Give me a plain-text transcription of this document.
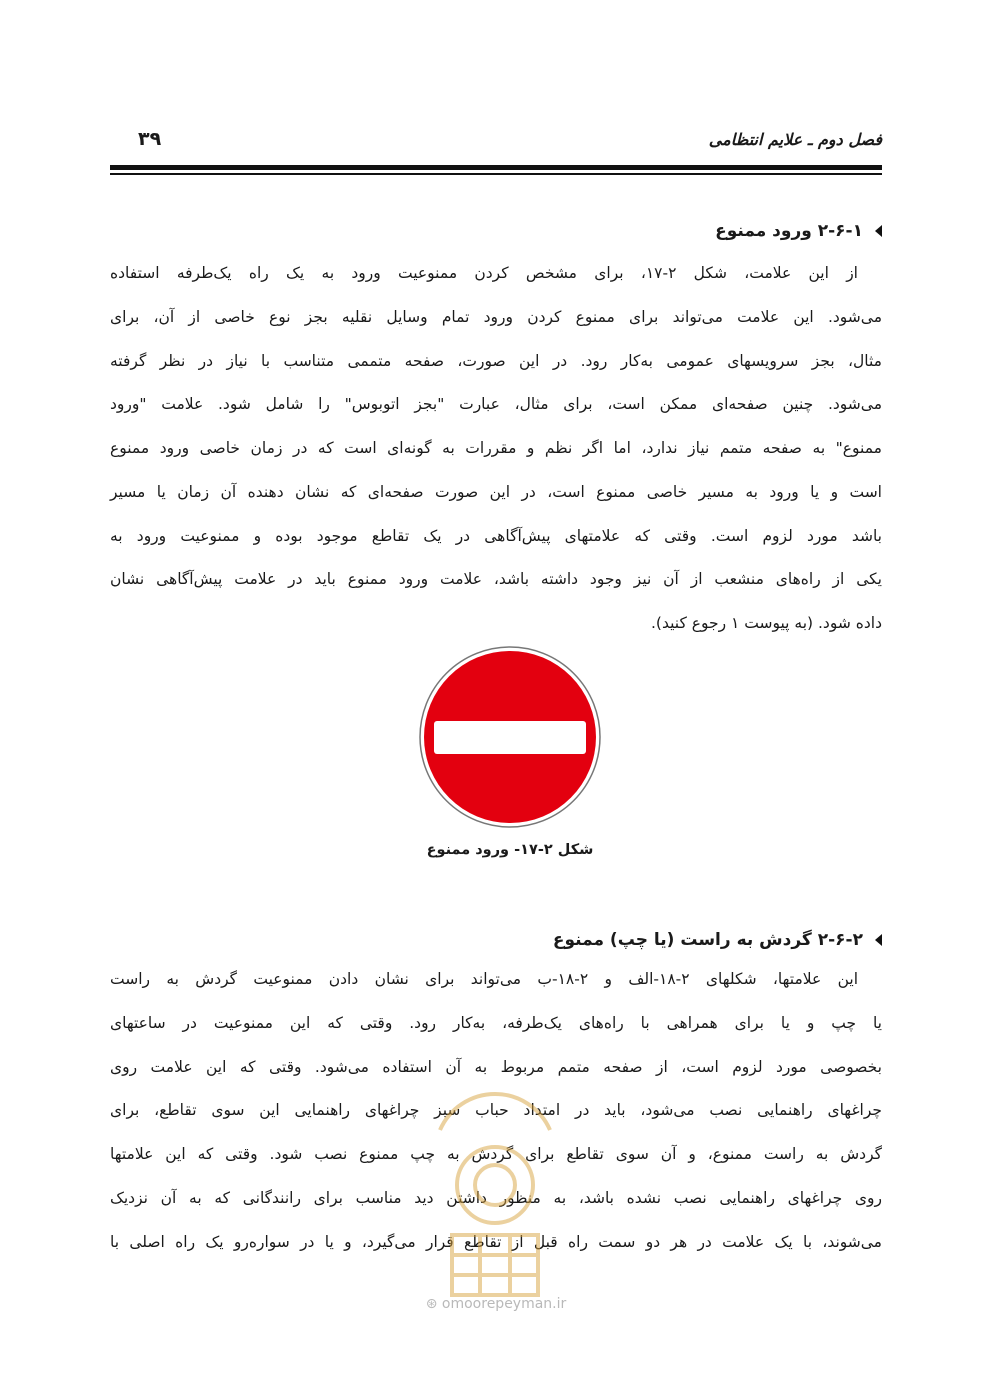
فصل دوم ـ علایم انتظامی
۳۹
۲-۶-۱ ورود ممنوع
از این علامت، شکل ۲-۱۷، برای مشخص کردن ممنوعیت ورود به یک راه یک‌طرفه استفاده
می‌شود. این علامت می‌تواند برای ممنوع کردن ورود تمام وسایل نقلیه بجز نوع خاصی از آن، برای
مثال، بجز سرویسهای عمومی به‌کار رود. در این صورت، صفحه متممی متناسب با نیاز در نظر گرفته
می‌شود. چنین صفحه‌ای ممکن است، برای مثال، عبارت "بجز اتوبوس" را شامل شود. علامت "ورود
ممنوع" به صفحه متمم نیاز ندارد، اما اگر نظم و مقررات به گونه‌ای است که در زمان خاصی ورود ممنوع
است و یا ورود به مسیر خاصی ممنوع است، در این صورت صفحه‌ای که نشان دهنده آن زمان یا مسیر
باشد مورد لزوم است. وقتی که علامتهای پیش‌آگاهی در یک تقاطع موجود بوده و ممنوعیت ورود به
یکی از راه‌های منشعب از آن نیز وجود داشته باشد، علامت ورود ممنوع باید در علامت پیش‌آگاهی نشان
داده شود. (به پیوست ۱ رجوع کنید).
شکل ۲-۱۷- ورود ممنوع
۲-۶-۲ گردش به راست (یا چپ) ممنوع
این علامتها، شکلهای ۲-۱۸-الف و ۲-۱۸-ب می‌تواند برای نشان دادن ممنوعیت گردش به راست
یا چپ و یا برای همراهی با راه‌های یک‌طرفه، به‌کار رود. وقتی که این ممنوعیت در ساعتهای
بخصوصی مورد لزوم است، از صفحه متمم مربوط به آن استفاده می‌شود. وقتی که این علامت روی
چراغهای راهنمایی نصب می‌شود، باید در امتداد حباب سبز چراغهای راهنمایی این سوی تقاطع، برای
گردش به راست ممنوع، و آن سوی تقاطع برای گردش به چپ ممنوع نصب شود. وقتی که این علامتها
روی چراغهای راهنمایی نصب نشده باشد، به منظور داشتن دید مناسب برای رانندگانی که به آن نزدیک
می‌شوند، با یک علامت در هر دو سمت راه قبل از تقاطع قرار می‌گیرد، و یا در سواره‌رو یک راه اصلی با
⊛ omoorepeyman.ir
